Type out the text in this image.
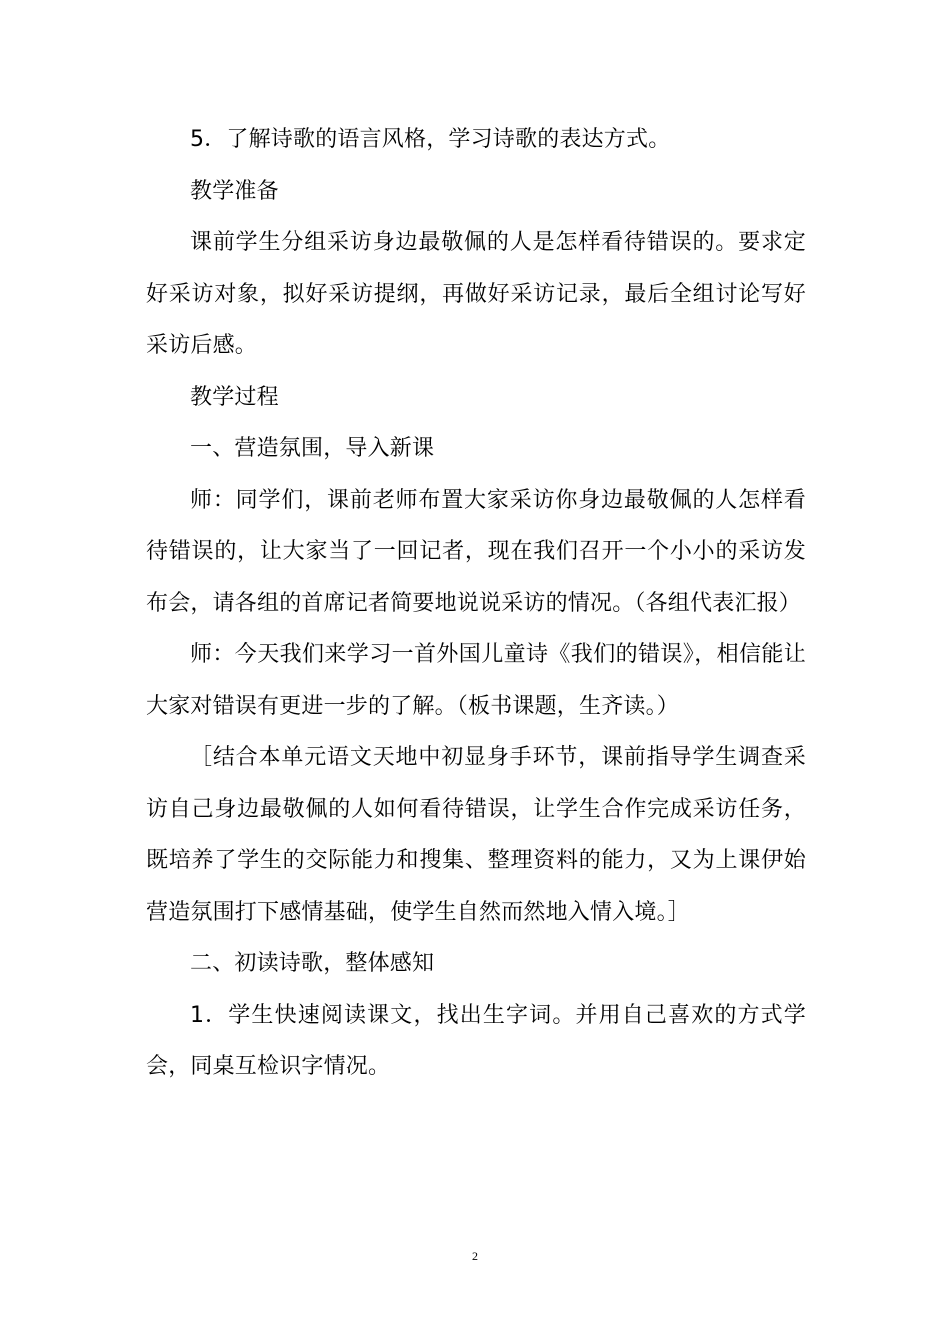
5．了解诗歌的语言风格，学习诗歌的表达方式。

教学准备

课前学生分组采访身边最敬佩的人是怎样看待错误的。要求定好采访对象，拟好采访提纲，再做好采访记录，最后全组讨论写好采访后感。

教学过程

一、营造氛围，导入新课

师：同学们，课前老师布置大家采访你身边最敬佩的人怎样看待错误的，让大家当了一回记者，现在我们召开一个小小的采访发布会，请各组的首席记者简要地说说采访的情况。（各组代表汇报）

师：今天我们来学习一首外国儿童诗《我们的错误》，相信能让大家对错误有更进一步的了解。（板书课题，生齐读。）

［结合本单元语文天地中初显身手环节，课前指导学生调查采访自己身边最敬佩的人如何看待错误，让学生合作完成采访任务，既培养了学生的交际能力和搜集、整理资料的能力，又为上课伊始营造氛围打下感情基础，使学生自然而然地入情入境。］

二、初读诗歌，整体感知

1．学生快速阅读课文，找出生字词。并用自己喜欢的方式学会，同桌互检识字情况。

2
